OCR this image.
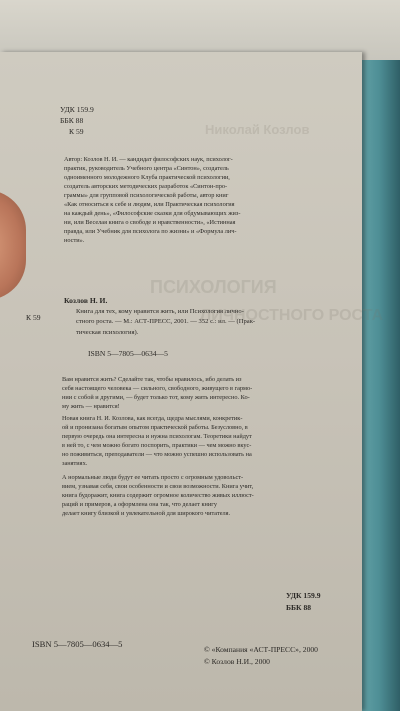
Николай Козлов
ПСИХОЛОГИЯ
ЛИЧНОСТНОГО РОСТА
УДК 159.9
ББК 88
К 59
Автор: Козлов Н. И. — кандидат философских наук, психолог-
практик, руководитель Учебного центра «Синтон», создатель
одноименного молодежного Клуба практической психологии,
создатель авторских методических разработок «Синтон-про-
граммы» для групповой психологической работы, автор книг
«Как относиться к себе и людям, или Практическая психология
на каждый день», «Философские сказки для обдумывающих жиз-
ни, или Веселая книга о свободе и нравственности», «Истинная
правда, или Учебник для психолога по жизни» и «Формула лич-
ности».
К 59
Козлов Н. И.
Книга для тех, кому нравится жить, или Психология лично-
стного роста. — М.: АСТ-ПРЕСС, 2001. — 352 с.: ил. — (Прак-
тическая психология).
ISBN 5—7805—0634—5
Вам нравится жить? Сделайте так, чтобы нравилось, ибо делать из
себя настоящего человека — сильного, свободного, живущего в гармо-
нии с собой и другими, — будет только тот, кому жить интересно. Ко-
му жить — нравится!
Новая книга Н. И. Козлова, как всегда, щедра мыслями, конкретик-
ой и пронизана богатым опытом практической работы. Безусловно, в
первую очередь она интересна и нужна психологам. Теоретики найдут
в ней то, с чем можно богато поспорить, практики — чем можно вкус-
но поживиться, преподаватели — что можно успешно использовать на
занятиях.
А нормальные люди будут ее читать просто с огромным удовольст-
вием, узнавая себя, свои особенности и свои возможности. Книга учит,
книга будоражит, книга содержит огромное количество живых иллюст-
раций и примеров, а оформлена она так, что делает книгу
делает книгу близкой и увлекательной для широкого читателя.
УДК 159.9
ББК 88
ISBN 5—7805—0634—5
© «Компания «АСТ-ПРЕСС», 2000
© Козлов Н.И., 2000
